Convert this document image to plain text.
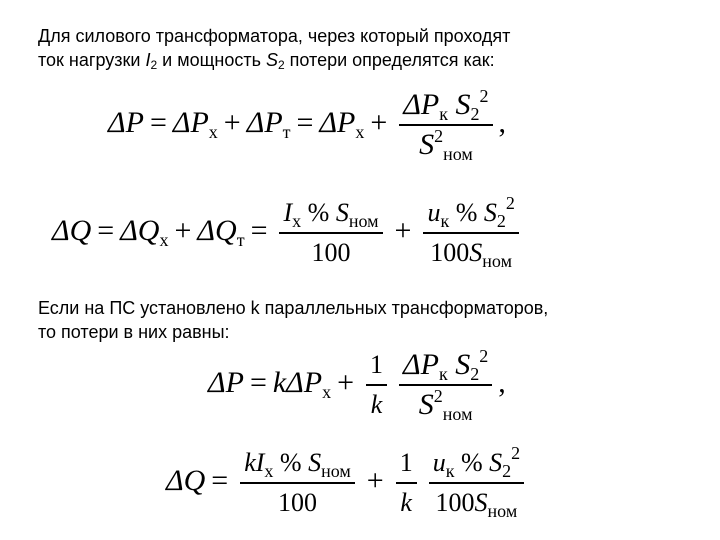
Для силового трансформатора, через который проходят
ток нагрузки $I_2$ и мощность $S_2$ потери определятся как:
$\Delta P = \Delta P_х + \Delta P_т = \Delta P_х + \frac{\Delta P_к S_2^2}{S^2_{ном}}$ ,
$\Delta Q = \Delta Q_х + \Delta Q_т = \frac{I_х \% S_{ном}}{100} + \frac{u_к \% S_2^2}{100S_{ном}}$
Если на ПС установлено k параллельных трансформаторов,
то потери в них равны:
$\Delta P = k\Delta P_х + \frac{1}{k} \frac{\Delta P_к S_2^2}{S^2_{ном}}$ ,
$\Delta Q = \frac{kI_х \% S_{ном}}{100} + \frac{1}{k} \frac{u_к \% S_2^2}{100S_{ном}}$
